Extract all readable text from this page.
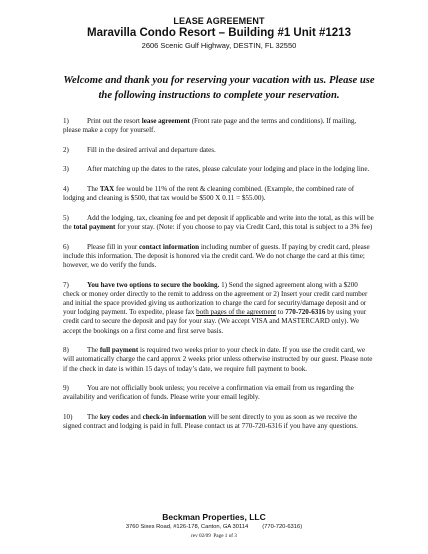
LEASE AGREEMENT
Maravilla Condo Resort – Building #1 Unit #1213
2606 Scenic Gulf Highway, DESTIN, FL 32550
Welcome and thank you for reserving your vacation with us. Please use the following instructions to complete your reservation.

1)	Print out the resort lease agreement (Front rate page and the terms and conditions). If mailing, please make a copy for yourself.

2)	Fill in the desired arrival and departure dates.

3)	After matching up the dates to the rates, please calculate your lodging and place in the lodging line.

4)	The TAX fee would be 11% of the rent & cleaning combined. (Example, the combined rate of lodging and cleaning is $500, that tax would be $500 X 0.11 = $55.00).

5)	Add the lodging, tax, cleaning fee and pet deposit if applicable and write into the total, as this will be the total payment for your stay. (Note: if you choose to pay via Credit Card, this total is subject to a 3% fee)

6)	Please fill in your contact information including number of guests. If paying by credit card, please include this information. The deposit is honored via the credit card. We do not charge the card at this time; however, we do verify the funds.

7)	You have two options to secure the booking. 1) Send the signed agreement along with a $200 check or money order directly to the remit to address on the agreement or 2) Insert your credit card number and initial the space provided giving us authorization to charge the card for security/damage deposit and or your lodging payment. To expedite, please fax both pages of the agreement to 770-720-6316 by using your credit card to secure the deposit and pay for your stay. (We accept VISA and MASTERCARD only). We accept the bookings on a first come and first serve basis.

8)	The full payment is required two weeks prior to your check in date. If you use the credit card, we will automatically charge the card approx 2 weeks prior unless otherwise instructed by our guest. Please note if the check in date is within 15 days of today’s date, we require full payment to book.

9)	You are not officially book unless; you receive a confirmation via email from us regarding the availability and verification of funds. Please write your email legibly.

10) The key codes and check-in information will be sent directly to you as soon as we receive the signed contract and lodging is paid in full. Please contact us at 770-720-6316 if you have any questions.

Beckman Properties, LLC
3760 Sixes Road, #126-178, Canton, GA 30114 (770-720-6316)
rev 02/09 Page 1 of 3
